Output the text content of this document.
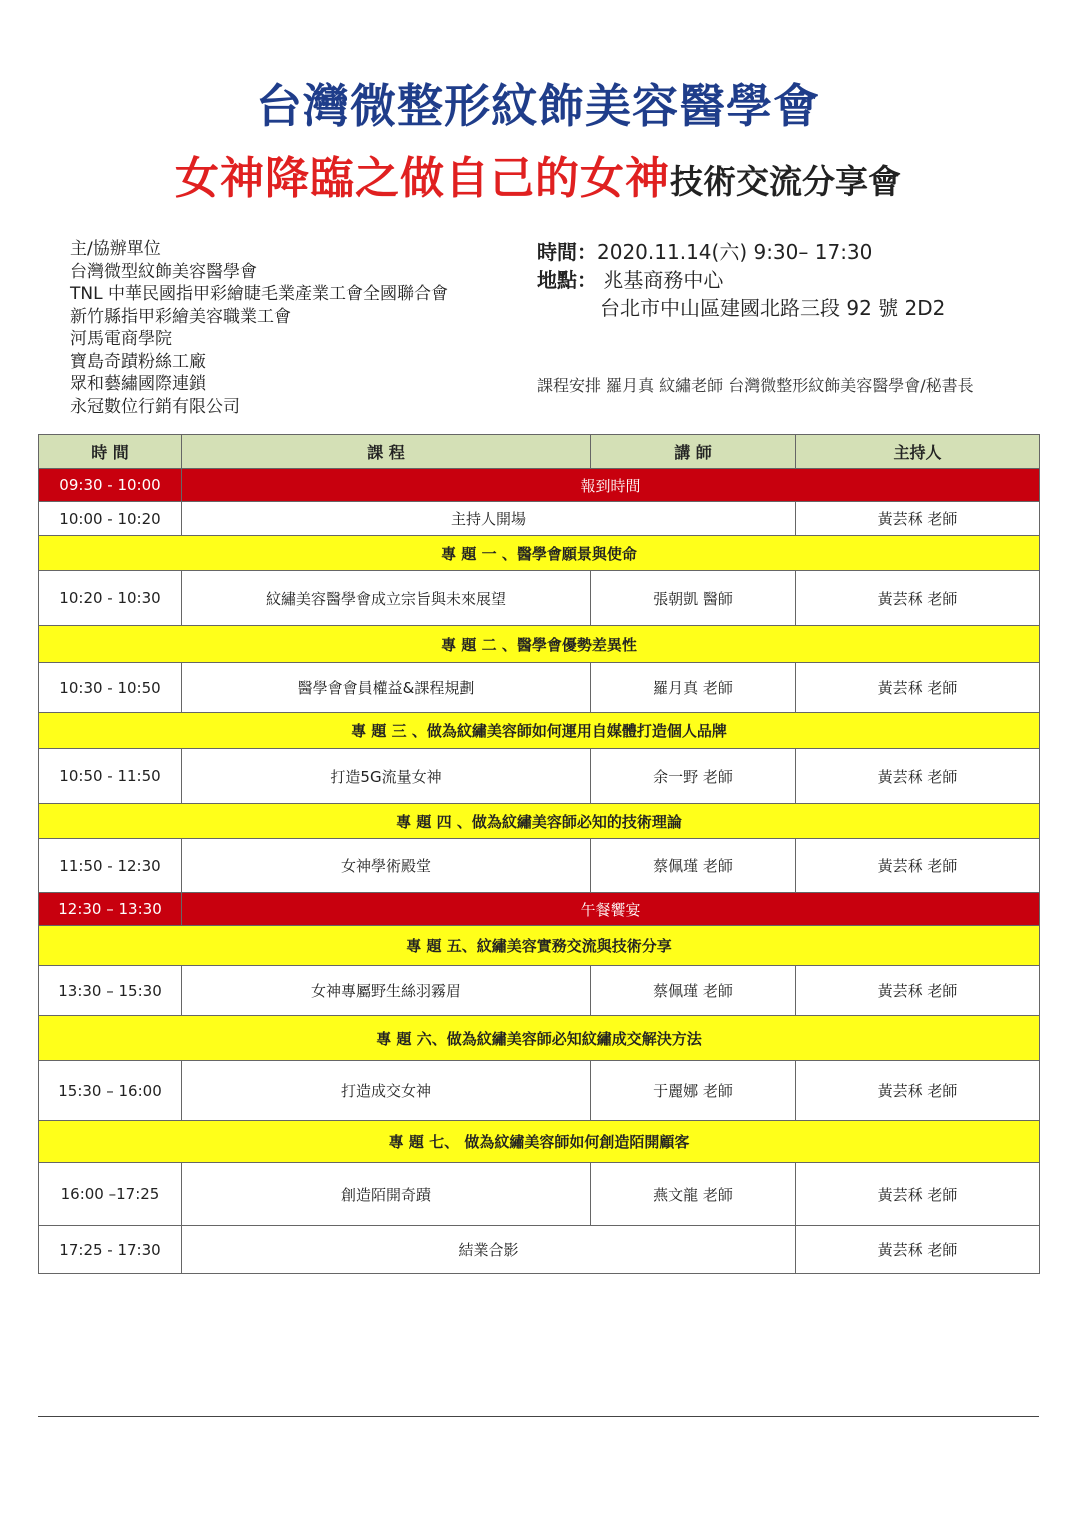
台灣微整形紋飾美容醫學會
女神降臨之做自己的女神技術交流分享會
主/協辦單位
台灣微型紋飾美容醫學會
TNL 中華民國指甲彩繪睫毛業產業工會全國聯合會
新竹縣指甲彩繪美容職業工會
河馬電商學院
寶島奇蹟粉絲工廠
眾和藝繡國際連鎖
永冠數位行銷有限公司
時間：2020.11.14(六) 9:30– 17:30
地點： 兆基商務中心
台北市中山區建國北路三段 92 號 2D2
課程安排 羅月真 紋繡老師 台灣微整形紋飾美容醫學會/秘書長
時 間	課 程	講 師	主持人
09:30 - 10:00	報到時間		
10:00 - 10:20	主持人開場		黃芸秝 老師
專 題 一 、醫學會願景與使命			
10:20 - 10:30	紋繡美容醫學會成立宗旨與未來展望	張朝凱 醫師	黃芸秝 老師
專 題 二 、醫學會優勢差異性			
10:30 - 10:50	醫學會會員權益&課程規劃	羅月真 老師	黃芸秝 老師
專 題 三 、做為紋繡美容師如何運用自媒體打造個人品牌			
10:50 - 11:50	打造5G流量女神	余一野 老師	黃芸秝 老師
專 題 四 、做為紋繡美容師必知的技術理論			
11:50 - 12:30	女神學術殿堂	蔡佩瑾 老師	黃芸秝 老師
12:30 – 13:30	午餐饗宴		
專 題 五、紋繡美容實務交流與技術分享			
13:30 – 15:30	女神專屬野生絲羽霧眉	蔡佩瑾 老師	黃芸秝 老師
專 題 六、做為紋繡美容師必知紋繡成交解決方法			
15:30 – 16:00	打造成交女神	于麗娜 老師	黃芸秝 老師
專 題 七、 做為紋繡美容師如何創造陌開顧客			
16:00 –17:25	創造陌開奇蹟	燕文龍 老師	黃芸秝 老師
17:25 - 17:30	結業合影		黃芸秝 老師
